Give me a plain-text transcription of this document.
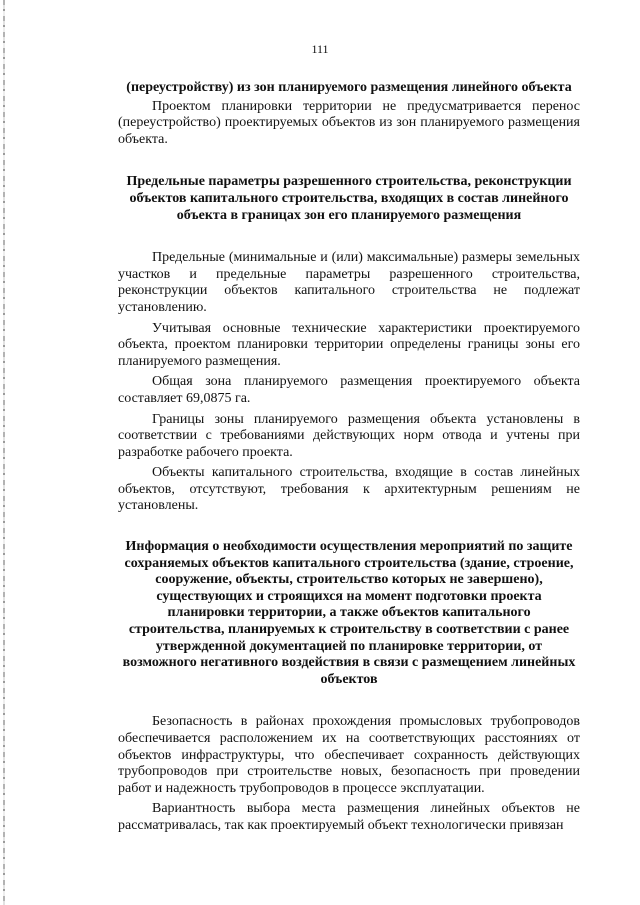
111

(переустройству) из зон планируемого размещения линейного объекта

Проектом планировки территории не предусматривается перенос (переустройство) проектируемых объектов из зон планируемого размещения объекта.

Предельные параметры разрешенного строительства, реконструкции объектов капитального строительства, входящих в состав линейного объекта в границах зон его планируемого размещения

Предельные (минимальные и (или) максимальные) размеры земельных участков и предельные параметры разрешенного строительства, реконструкции объектов капитального строительства не подлежат установлению.

Учитывая основные технические характеристики проектируемого объекта, проектом планировки территории определены границы зоны его планируемого размещения.

Общая зона планируемого размещения проектируемого объекта составляет 69,0875 га.

Границы зоны планируемого размещения объекта установлены в соответствии с требованиями действующих норм отвода и учтены при разработке рабочего проекта.

Объекты капитального строительства, входящие в состав линейных объектов, отсутствуют, требования к архитектурным решениям не установлены.

Информация о необходимости осуществления мероприятий по защите сохраняемых объектов капитального строительства (здание, строение, сооружение, объекты, строительство которых не завершено), существующих и строящихся на момент подготовки проекта планировки территории, а также объектов капитального строительства, планируемых к строительству в соответствии с ранее утвержденной документацией по планировке территории, от возможного негативного воздействия в связи с размещением линейных объектов

Безопасность в районах прохождения промысловых трубопроводов обеспечивается расположением их на соответствующих расстояниях от объектов инфраструктуры, что обеспечивает сохранность действующих трубопроводов при строительстве новых, безопасность при проведении работ и надежность трубопроводов в процессе эксплуатации.

Вариантность выбора места размещения линейных объектов не рассматривалась, так как проектируемый объект технологически привязан
